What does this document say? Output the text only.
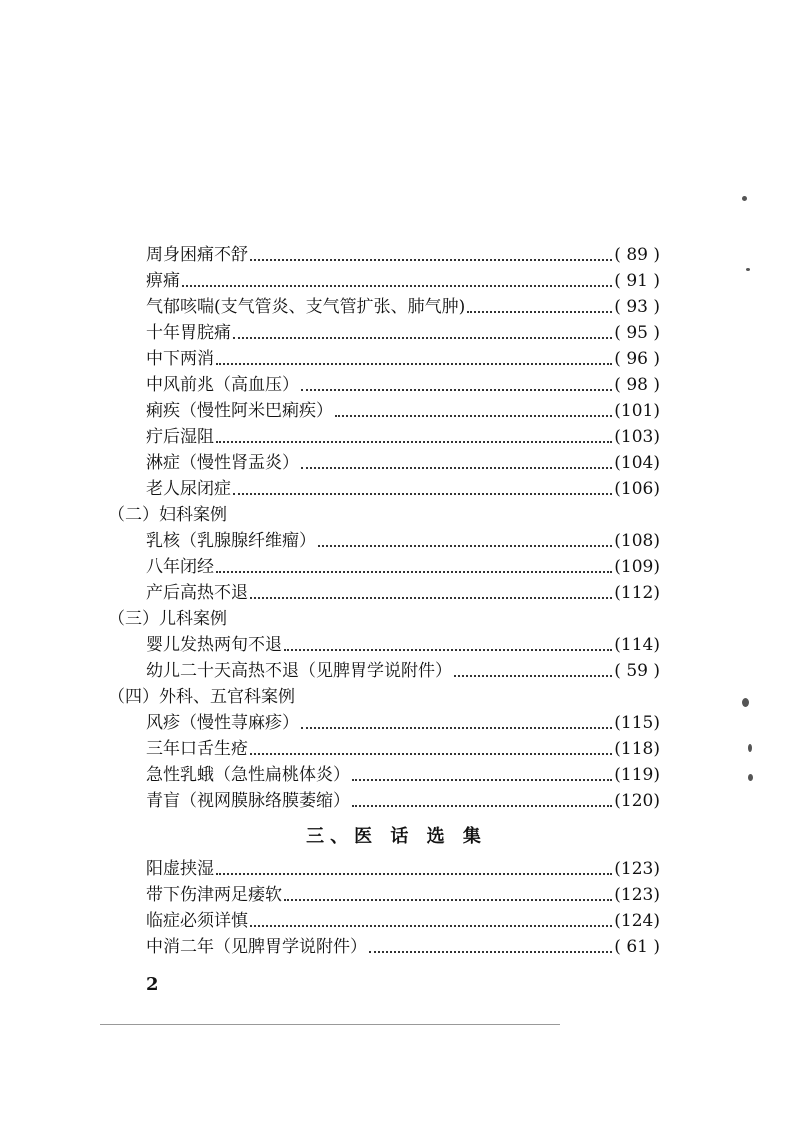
周身困痛不舒	( 89 )
痹痛	( 91 )
气郁咳喘(支气管炎、支气管扩张、肺气肿)	( 93 )
十年胃脘痛	( 95 )
中下两消	( 96 )
中风前兆（高血压）	( 98 )
痢疾（慢性阿米巴痢疾）	(101)
疔后湿阻	(103)
淋症（慢性肾盂炎）	(104)
老人尿闭症	(106)
（二）妇科案例
乳核（乳腺腺纤维瘤）	(108)
八年闭经	(109)
产后高热不退	(112)
（三）儿科案例
婴儿发热两旬不退	(114)
幼儿二十天高热不退（见脾胃学说附件）	( 59 )
（四）外科、五官科案例
风疹（慢性荨麻疹）	(115)
三年口舌生疮	(118)
急性乳蛾（急性扁桃体炎）	(119)
青盲（视网膜脉络膜萎缩）	(120)
三、医 话 选 集
阳虚挟湿	(123)
带下伤津两足痿软	(123)
临症必须详慎	(124)
中消二年（见脾胃学说附件）	( 61 )
2
